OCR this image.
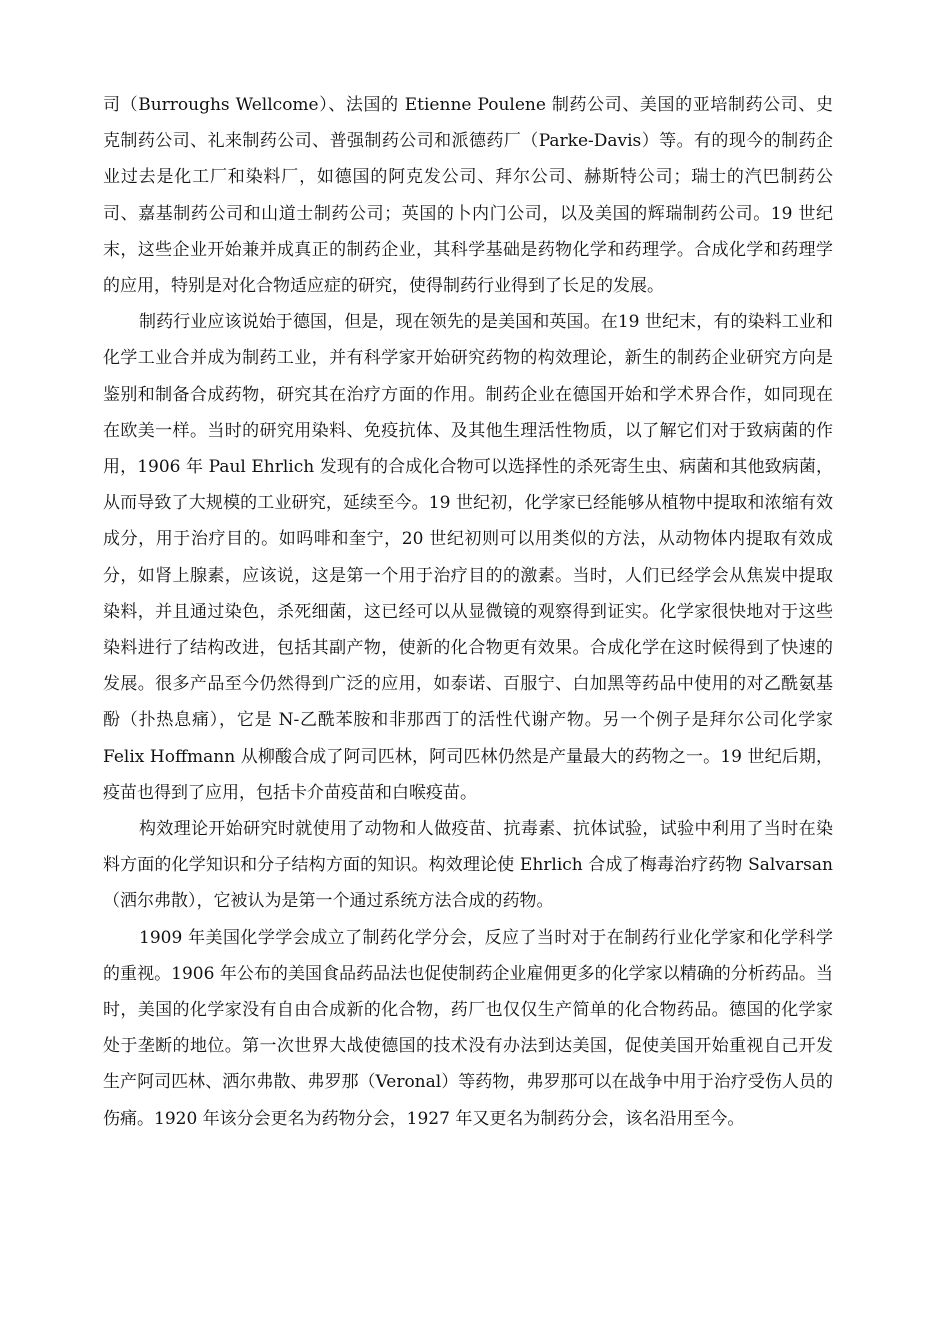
司（Burroughs Wellcome）、法国的 Etienne Poulene 制药公司、美国的亚培制药公司、史克制药公司、礼来制药公司、普强制药公司和派德药厂（Parke-Davis）等。有的现今的制药企业过去是化工厂和染料厂，如德国的阿克发公司、拜尔公司、赫斯特公司；瑞士的汽巴制药公司、嘉基制药公司和山道士制药公司；英国的卜内门公司，以及美国的辉瑞制药公司。19 世纪末，这些企业开始兼并成真正的制药企业，其科学基础是药物化学和药理学。合成化学和药理学的应用，特别是对化合物适应症的研究，使得制药行业得到了长足的发展。

制药行业应该说始于德国，但是，现在领先的是美国和英国。在19 世纪末，有的染料工业和化学工业合并成为制药工业，并有科学家开始研究药物的构效理论，新生的制药企业研究方向是鉴别和制备合成药物，研究其在治疗方面的作用。制药企业在德国开始和学术界合作，如同现在在欧美一样。当时的研究用染料、免疫抗体、及其他生理活性物质，以了解它们对于致病菌的作用，1906 年 Paul Ehrlich 发现有的合成化合物可以选择性的杀死寄生虫、病菌和其他致病菌，从而导致了大规模的工业研究，延续至今。19 世纪初，化学家已经能够从植物中提取和浓缩有效成分，用于治疗目的。如吗啡和奎宁，20 世纪初则可以用类似的方法，从动物体内提取有效成分，如肾上腺素，应该说，这是第一个用于治疗目的的激素。当时，人们已经学会从焦炭中提取染料，并且通过染色，杀死细菌，这已经可以从显微镜的观察得到证实。化学家很快地对于这些染料进行了结构改进，包括其副产物，使新的化合物更有效果。合成化学在这时候得到了快速的发展。很多产品至今仍然得到广泛的应用，如泰诺、百服宁、白加黑等药品中使用的对乙酰氨基酚（扑热息痛），它是 N-乙酰苯胺和非那西丁的活性代谢产物。另一个例子是拜尔公司化学家 Felix Hoffmann 从柳酸合成了阿司匹林，阿司匹林仍然是产量最大的药物之一。19 世纪后期，疫苗也得到了应用，包括卡介苗疫苗和白喉疫苗。

构效理论开始研究时就使用了动物和人做疫苗、抗毒素、抗体试验，试验中利用了当时在染料方面的化学知识和分子结构方面的知识。构效理论使 Ehrlich 合成了梅毒治疗药物 Salvarsan（洒尔弗散），它被认为是第一个通过系统方法合成的药物。

1909 年美国化学学会成立了制药化学分会，反应了当时对于在制药行业化学家和化学科学的重视。1906 年公布的美国食品药品法也促使制药企业雇佣更多的化学家以精确的分析药品。当时，美国的化学家没有自由合成新的化合物，药厂也仅仅生产简单的化合物药品。德国的化学家处于垄断的地位。第一次世界大战使德国的技术没有办法到达美国，促使美国开始重视自己开发生产阿司匹林、洒尔弗散、弗罗那（Veronal）等药物，弗罗那可以在战争中用于治疗受伤人员的伤痛。1920 年该分会更名为药物分会，1927 年又更名为制药分会，该名沿用至今。
